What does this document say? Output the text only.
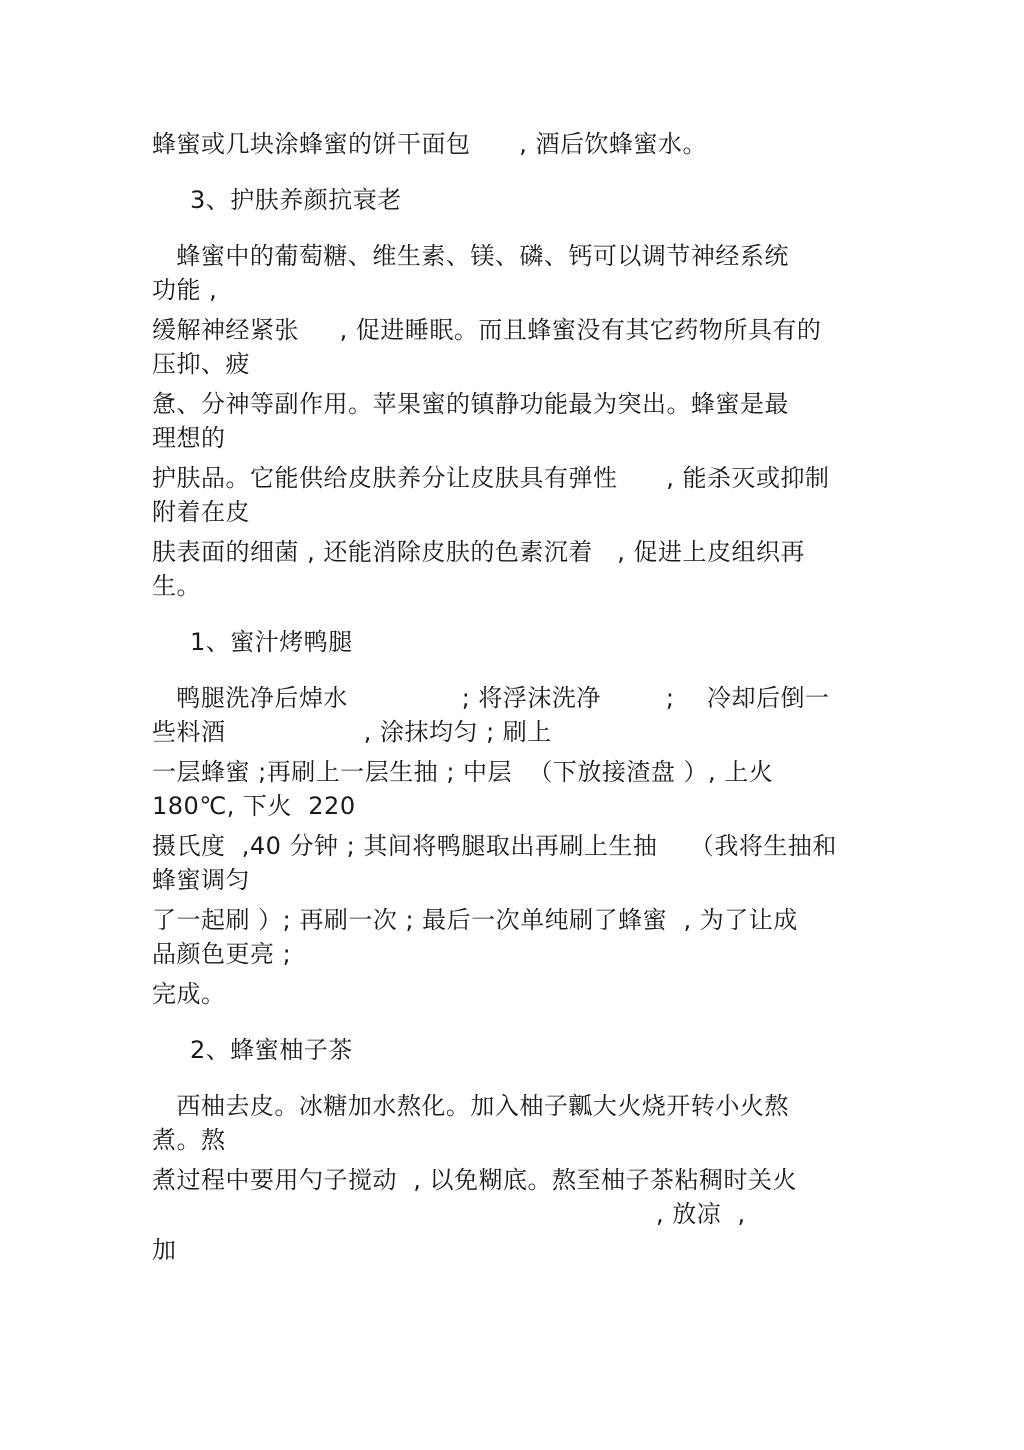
蜂蜜或几块涂蜂蜜的饼干面包      , 酒后饮蜂蜜水。
3、护肤养颜抗衰老
蜂蜜中的葡萄糖、维生素、镁、磷、钙可以调节神经系统
功能 ,
缓解神经紧张     , 促进睡眠。而且蜂蜜没有其它药物所具有的
压抑、疲
惫、分神等副作用。苹果蜜的镇静功能最为突出。蜂蜜是最
理想的
护肤品。它能供给皮肤养分让皮肤具有弹性      , 能杀灭或抑制
附着在皮
肤表面的细菌 , 还能消除皮肤的色素沉着   , 促进上皮组织再
生。
1、蜜汁烤鸭腿
鸭腿洗净后焯水              ; 将浮沫洗净        ;    冷却后倒一
些料酒                 , 涂抹均匀 ; 刷上
一层蜂蜜 ;再刷上一层生抽 ; 中层  （下放接渣盘 ）, 上火
180℃, 下火  220
摄氏度  ,40 分钟 ; 其间将鸭腿取出再刷上生抽    （我将生抽和
蜂蜜调匀
了一起刷 ）; 再刷一次 ; 最后一次单纯刷了蜂蜜  , 为了让成
品颜色更亮 ;
完成。
2、蜂蜜柚子茶
西柚去皮。冰糖加水熬化。加入柚子瓤大火烧开转小火熬
煮。熬
煮过程中要用勺子搅动  , 以免糊底。熬至柚子茶粘稠时关火
, 放凉  ,
加
